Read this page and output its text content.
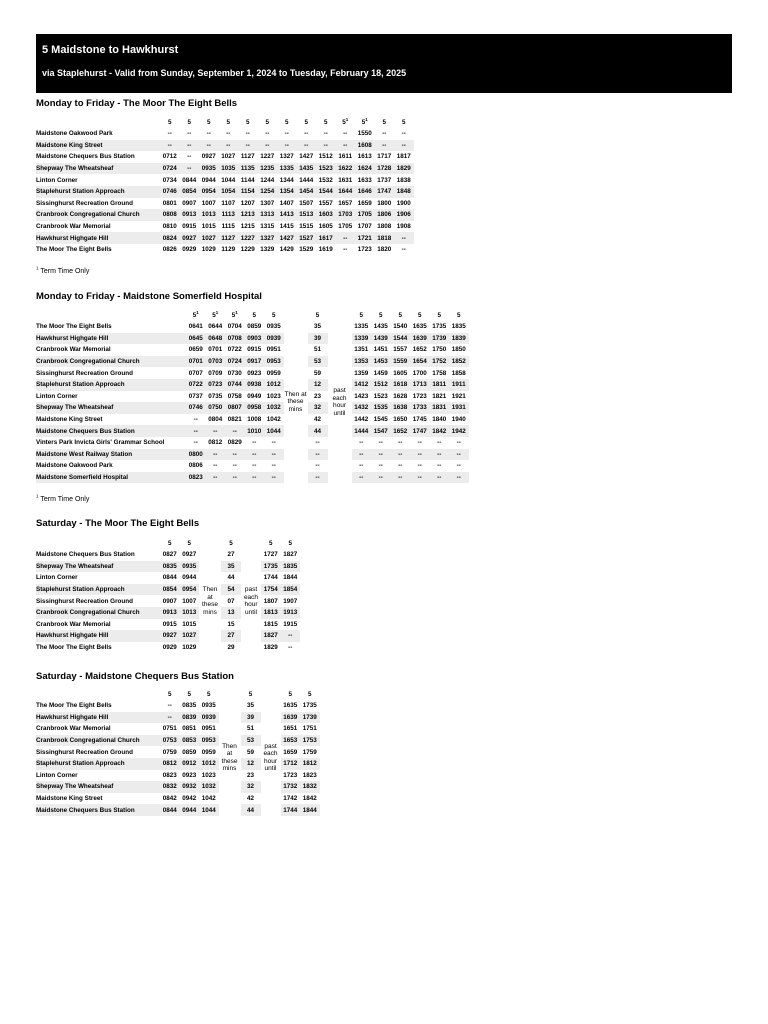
5 Maidstone to Hawkhurst
via Staplehurst - Valid from Sunday, September 1, 2024 to Tuesday, February 18, 2025
Monday to Friday - The Moor The Eight Bells
	5	5	5	5	5	5	5	5	5	$5^1$	$5^1$	5	5
Maidstone Oakwood Park	--	--	--	--	--	--	--	--	--	--	1550	--	--
Maidstone King Street	--	--	--	--	--	--	--	--	--	--	1608	--	--
Maidstone Chequers Bus Station	0712	--	0927	1027	1127	1227	1327	1427	1512	1611	1613	1717	1817
Shepway The Wheatsheaf	0724	--	0935	1035	1135	1235	1335	1435	1523	1622	1624	1728	1829
Linton Corner	0734	0844	0944	1044	1144	1244	1344	1444	1532	1631	1633	1737	1838
Staplehurst Station Approach	0746	0854	0954	1054	1154	1254	1354	1454	1544	1644	1646	1747	1848
Sissinghurst Recreation Ground	0801	0907	1007	1107	1207	1307	1407	1507	1557	1657	1659	1800	1900
Cranbrook Congregational Church	0808	0913	1013	1113	1213	1313	1413	1513	1603	1703	1705	1806	1906
Cranbrook War Memorial	0810	0915	1015	1115	1215	1315	1415	1515	1605	1705	1707	1808	1908
Hawkhurst Highgate Hill	0824	0927	1027	1127	1227	1327	1427	1527	1617	--	1721	1818	--
The Moor The Eight Bells	0826	0929	1029	1129	1229	1329	1429	1529	1619	--	1723	1820	--
$^1$ Term Time Only
Monday to Friday - Maidstone Somerfield Hospital
	$5^1$	$5^1$	$5^1$	5	5		5		5	5	5	5	5	5
The Moor The Eight Bells	0641	0644	0704	0859	0935	Then at these mins	35	past each hour until	1335	1435	1540	1635	1735	1835
Hawkhurst Highgate Hill	0645	0648	0708	0903	0939		39		1339	1439	1544	1639	1739	1839
Cranbrook War Memorial	0659	0701	0722	0915	0951		51		1351	1451	1557	1652	1750	1850
Cranbrook Congregational Church	0701	0703	0724	0917	0953		53		1353	1453	1559	1654	1752	1852
Sissinghurst Recreation Ground	0707	0709	0730	0923	0959		59		1359	1459	1605	1700	1758	1858
Staplehurst Station Approach	0722	0723	0744	0938	1012		12		1412	1512	1618	1713	1811	1911
Linton Corner	0737	0735	0758	0949	1023		23		1423	1523	1628	1723	1821	1921
Shepway The Wheatsheaf	0746	0750	0807	0958	1032		32		1432	1535	1638	1733	1831	1931
Maidstone King Street	--	0804	0821	1008	1042		42		1442	1545	1650	1745	1840	1940
Maidstone Chequers Bus Station	--	--	--	1010	1044		44		1444	1547	1652	1747	1842	1942
Vinters Park Invicta Girls' Grammar School	--	0812	0829	--	--		--		--	--	--	--	--	--
Maidstone West Railway Station	0800	--	--	--	--		--		--	--	--	--	--	--
Maidstone Oakwood Park	0806	--	--	--	--		--		--	--	--	--	--	--
Maidstone Somerfield Hospital	0823	--	--	--	--		--		--	--	--	--	--	--
$^1$ Term Time Only
Saturday - The Moor The Eight Bells
	5	5		5		5	5
Maidstone Chequers Bus Station	0827	0927	Then at these mins	27	past each hour until	1727	1827
Shepway The Wheatsheaf	0835	0935		35		1735	1835
Linton Corner	0844	0944		44		1744	1844
Staplehurst Station Approach	0854	0954		54		1754	1854
Sissinghurst Recreation Ground	0907	1007		07		1807	1907
Cranbrook Congregational Church	0913	1013		13		1813	1913
Cranbrook War Memorial	0915	1015		15		1815	1915
Hawkhurst Highgate Hill	0927	1027		27		1827	--
The Moor The Eight Bells	0929	1029		29		1829	--
Saturday - Maidstone Chequers Bus Station
	5	5	5		5		5	5
The Moor The Eight Bells	--	0835	0935	Then at these mins	35	past each hour until	1635	1735
Hawkhurst Highgate Hill	--	0839	0939		39		1639	1739
Cranbrook War Memorial	0751	0851	0951		51		1651	1751
Cranbrook Congregational Church	0753	0853	0953		53		1653	1753
Sissinghurst Recreation Ground	0759	0859	0959		59		1659	1759
Staplehurst Station Approach	0812	0912	1012		12		1712	1812
Linton Corner	0823	0923	1023		23		1723	1823
Shepway The Wheatsheaf	0832	0932	1032		32		1732	1832
Maidstone King Street	0842	0942	1042		42		1742	1842
Maidstone Chequers Bus Station	0844	0944	1044		44		1744	1844
